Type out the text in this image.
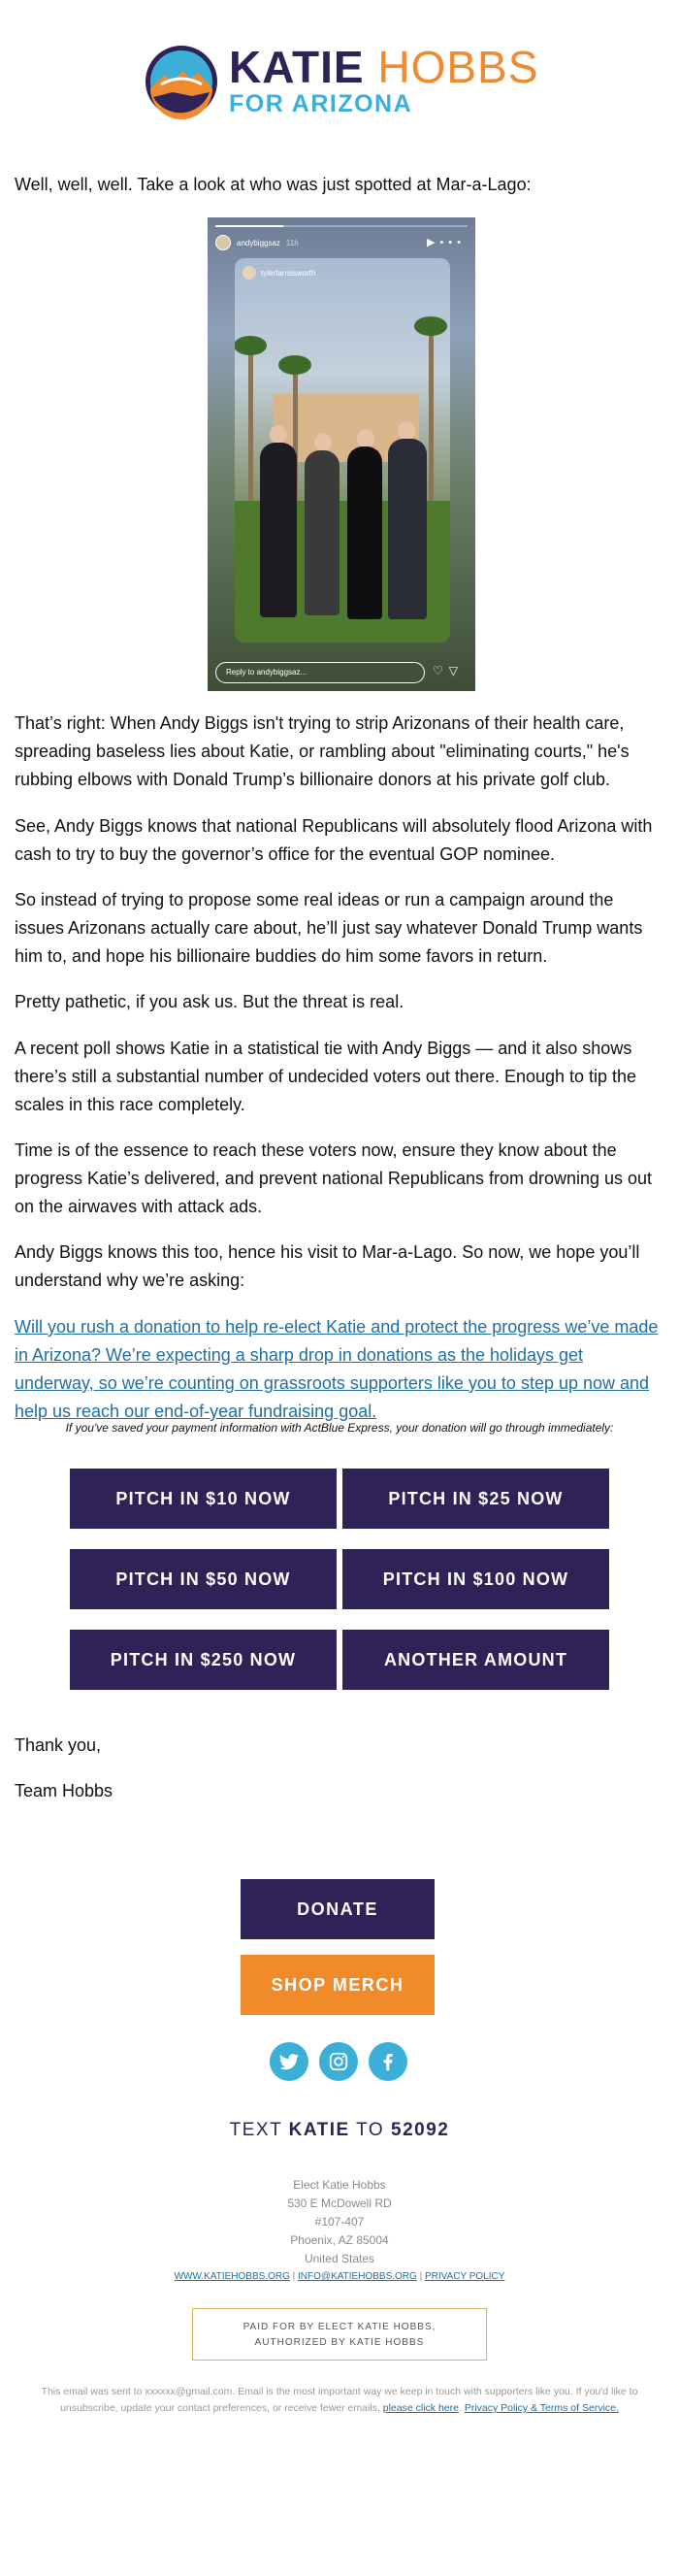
KATIE HOBBS
FOR ARIZONA

Well, well, well. Take a look at who was just spotted at Mar-a-Lago:

andybiggsaz 11h	▶•••
tylerfarrissworth
Reply to andybiggsaz...	♡▽

That’s right: When Andy Biggs isn't trying to strip Arizonans of their health care, spreading baseless lies about Katie, or rambling about "eliminating courts," he's rubbing elbows with Donald Trump’s billionaire donors at his private golf club.

See, Andy Biggs knows that national Republicans will absolutely flood Arizona with cash to try to buy the governor’s office for the eventual GOP nominee.

So instead of trying to propose some real ideas or run a campaign around the issues Arizonans actually care about, he’ll just say whatever Donald Trump wants him to, and hope his billionaire buddies do him some favors in return.

Pretty pathetic, if you ask us. But the threat is real.

A recent poll shows Katie in a statistical tie with Andy Biggs — and it also shows there’s still a substantial number of undecided voters out there. Enough to tip the scales in this race completely.

Time is of the essence to reach these voters now, ensure they know about the progress Katie’s delivered, and prevent national Republicans from drowning us out on the airwaves with attack ads.

Andy Biggs knows this too, hence his visit to Mar-a-Lago. So now, we hope you’ll understand why we’re asking:

Will you rush a donation to help re-elect Katie and protect the progress we’ve made in Arizona? We’re expecting a sharp drop in donations as the holidays get underway, so we’re counting on grassroots supporters like you to step up now and help us reach our end-of-year fundraising goal.

If you've saved your payment information with ActBlue Express, your donation will go through immediately:
PITCH IN $10 NOW	PITCH IN $25 NOW
PITCH IN $50 NOW	PITCH IN $100 NOW
PITCH IN $250 NOW	ANOTHER AMOUNT

Thank you,

Team Hobbs

DONATE
SHOP MERCH
TEXT KATIE TO 52092
Elect Katie Hobbs
530 E McDowell RD
#107-407
Phoenix, AZ 85004
United States
WWW.KATIEHOBBS.ORG | INFO@KATIEHOBBS.ORG | PRIVACY POLICY
PAID FOR BY ELECT KATIE HOBBS,
AUTHORIZED BY KATIE HOBBS
This email was sent to xxxxxx@gmail.com. Email is the most important way we keep in touch with supporters like you. If you'd like to unsubscribe, update your contact preferences, or receive fewer emails, please click here. Privacy Policy & Terms of Service.
